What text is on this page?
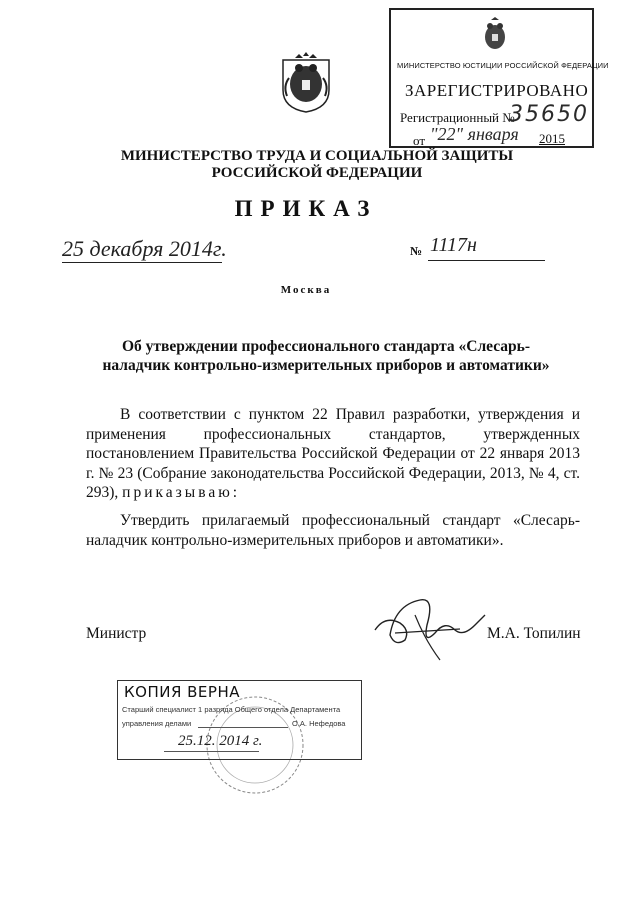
МИНИСТЕРСТВО ЮСТИЦИИ РОССИЙСКОЙ ФЕДЕРАЦИИ
ЗАРЕГИСТРИРОВАНО
Регистрационный №
35650
от "22" января 2015
МИНИСТЕРСТВО ТРУДА И СОЦИАЛЬНОЙ ЗАЩИТЫ РОССИЙСКОЙ ФЕДЕРАЦИИ
ПРИКАЗ
25 декабря 2014г.	№ 1117н
Москва
Об утверждении профессионального стандарта «Слесарь-наладчик контрольно-измерительных приборов и автоматики»
В соответствии с пунктом 22 Правил разработки, утверждения и применения профессиональных стандартов, утвержденных постановлением Правительства Российской Федерации от 22 января 2013 г. № 23 (Собрание законодательства Российской Федерации, 2013, № 4, ст. 293), приказываю:
Утвердить прилагаемый профессиональный стандарт «Слесарь-наладчик контрольно-измерительных приборов и автоматики».
Министр	М.А. Топилин
КОПИЯ ВЕРНА
Старший специалист 1 разряда Общего отдела Департамента
управления делами	О.А. Нефедова
25.12. 2014 г.
